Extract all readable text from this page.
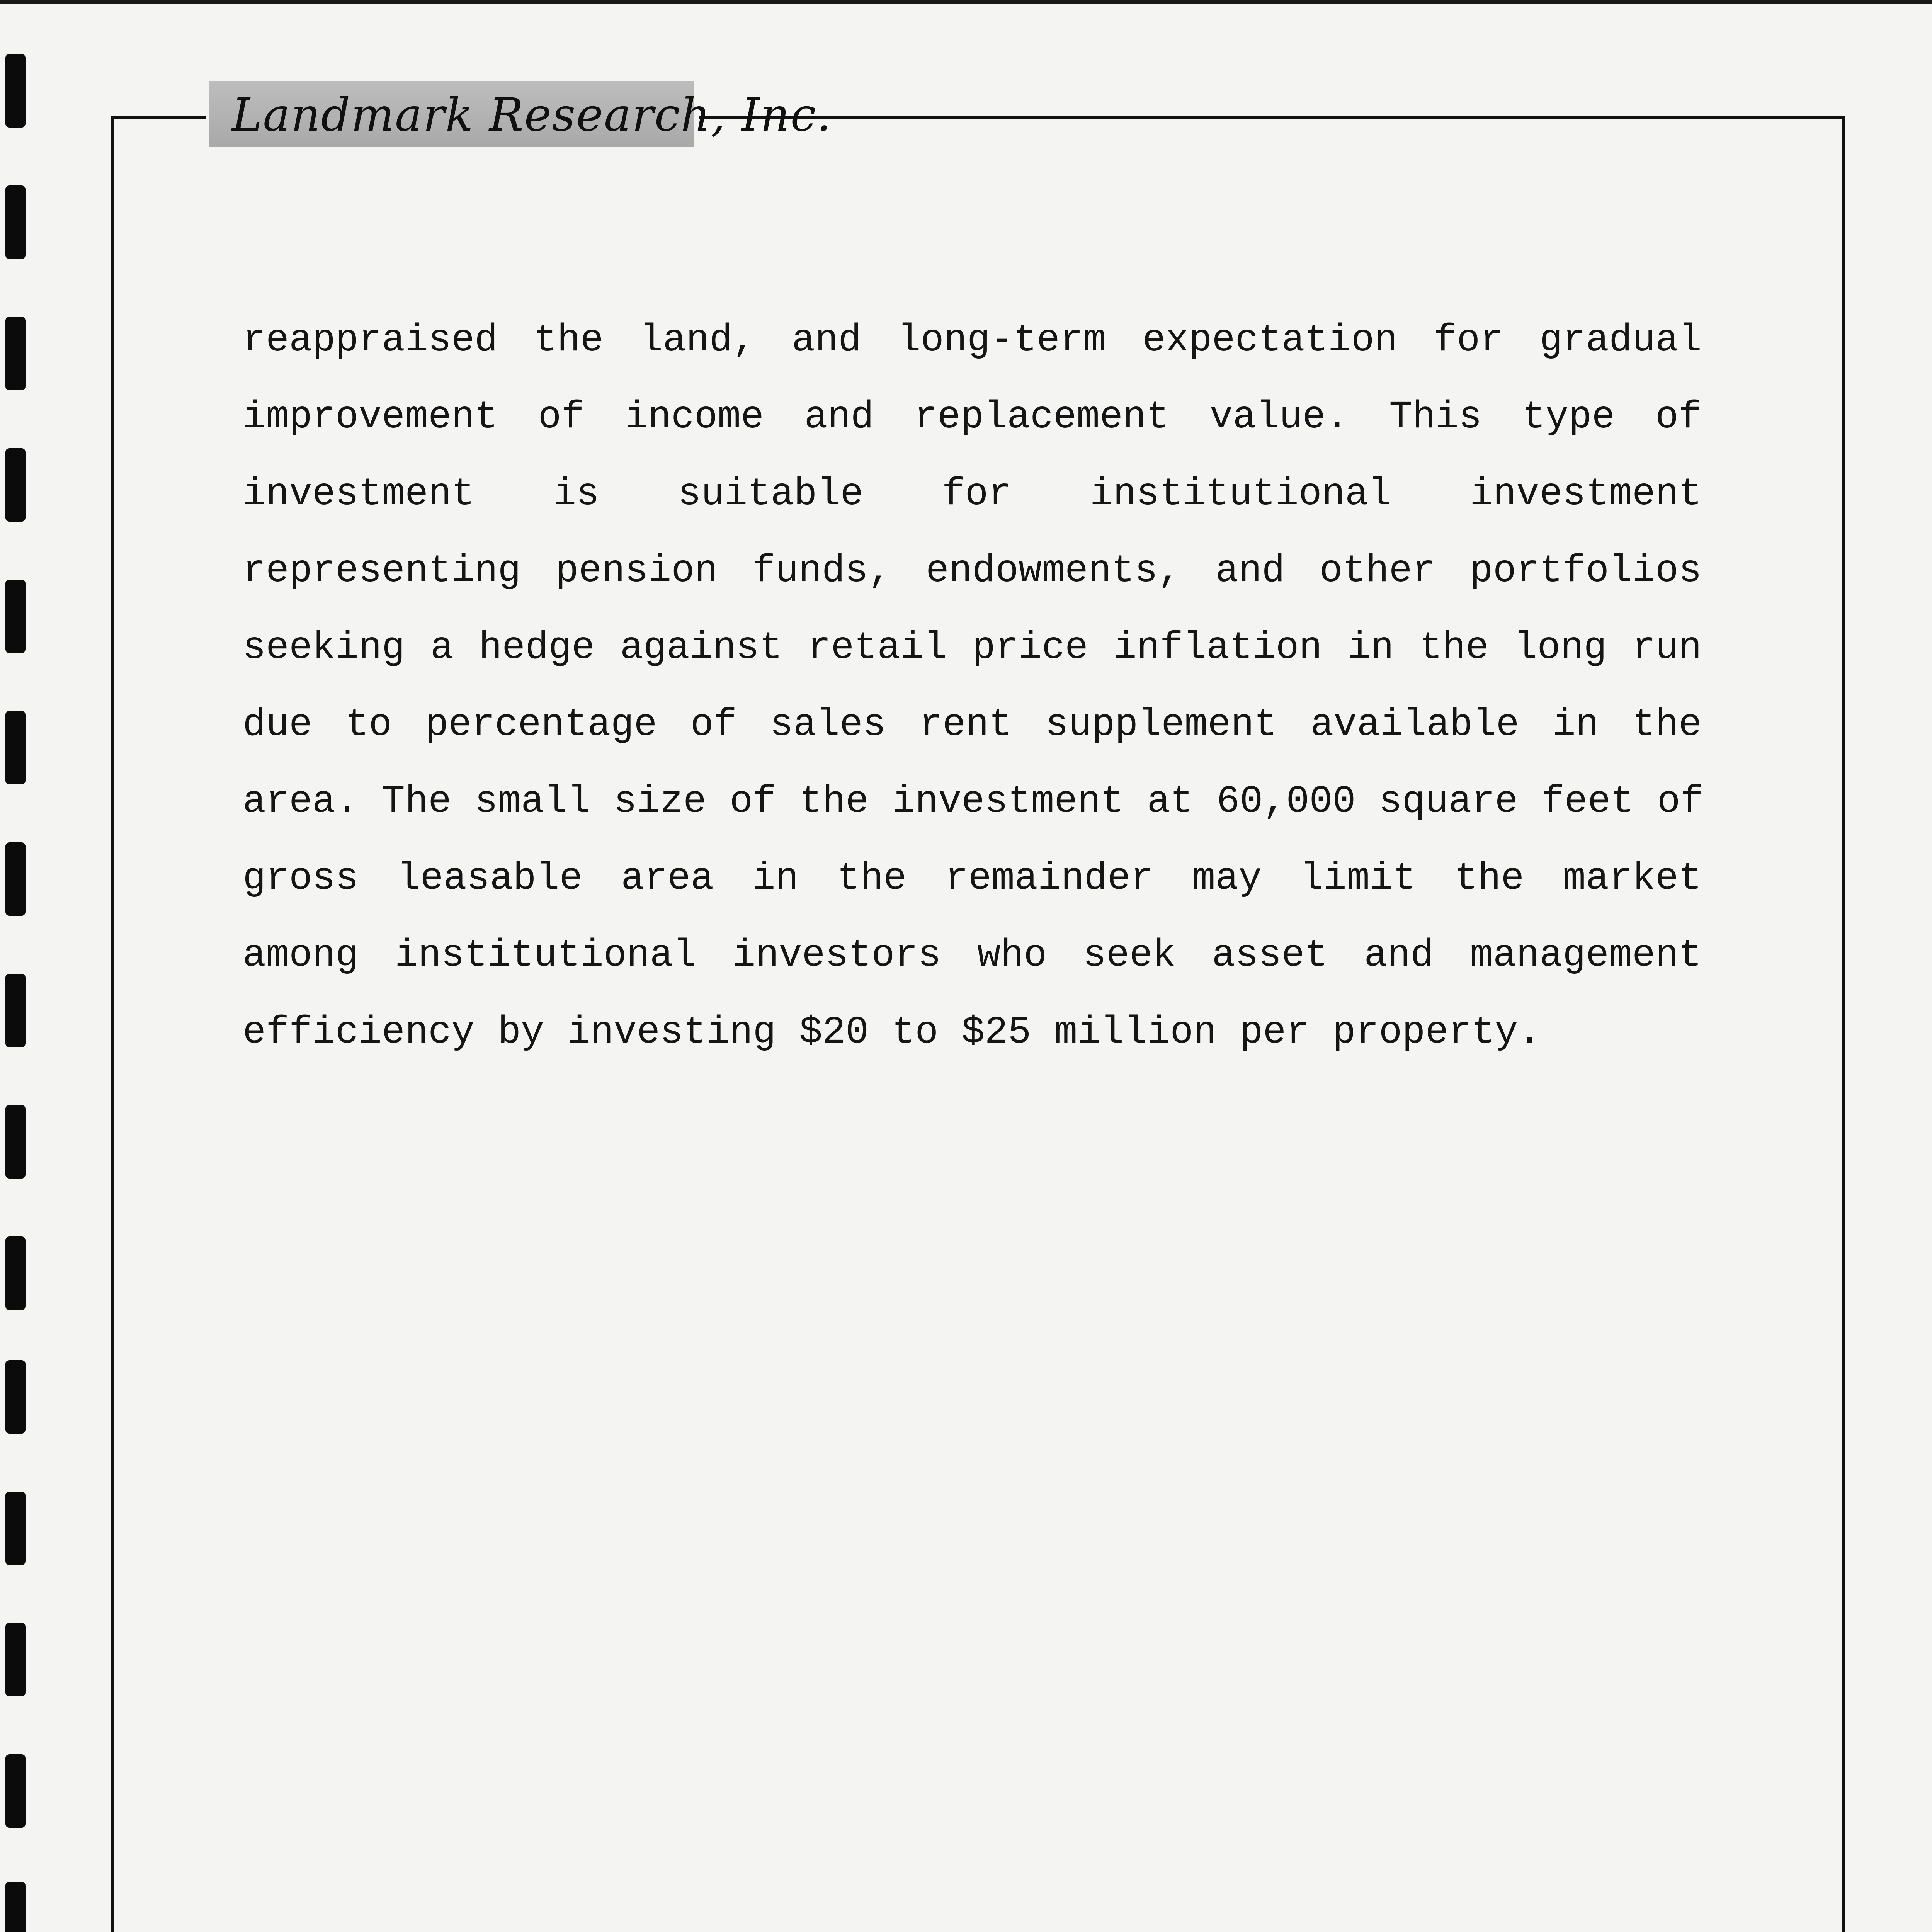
Landmark Research, Inc.
reappraised the land, and long-term expectation for gradual
improvement of income and replacement value. This type of
investment is suitable for institutional investment
representing pension funds, endowments, and other portfolios
seeking a hedge against retail price inflation in the long run
due to percentage of sales rent supplement available in the
area. The small size of the investment at 60,000 square feet of
gross leasable area in the remainder may limit the market
among institutional investors who seek asset and management
efficiency by investing $20 to $25 million per property.
